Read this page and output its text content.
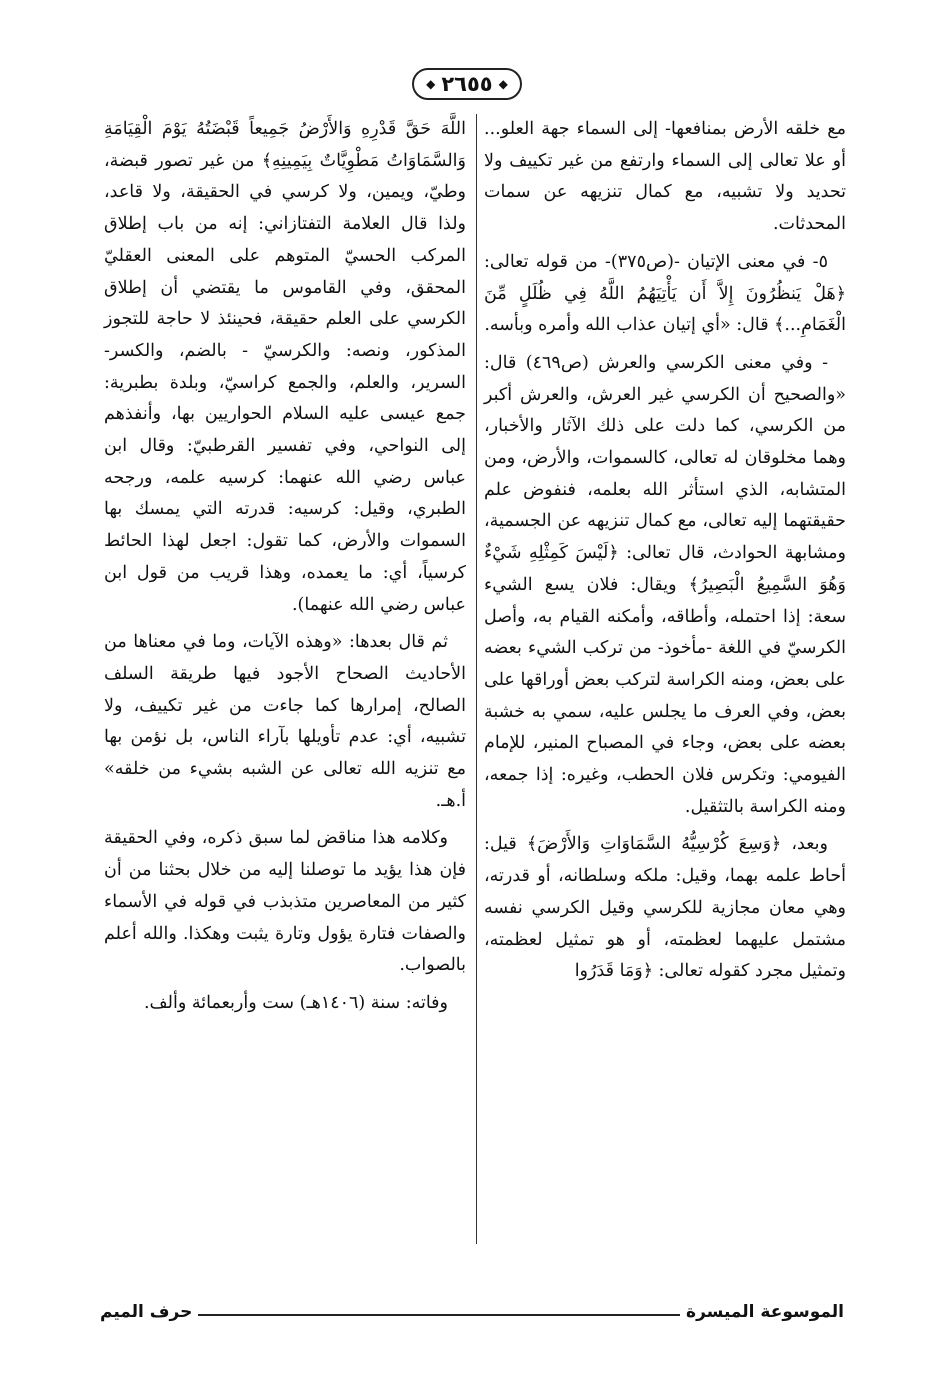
◆
٢٦٥٥
◆

مع خلقه الأرض بمنافعها- إلى السماء جهة العلو... أو علا تعالى إلى السماء وارتفع من غير تكييف ولا تحديد ولا تشبيه، مع كمال تنزيهه عن سمات المحدثات.

٥- في معنى الإتيان -(ص٣٧٥)- من قوله تعالى: ﴿هَلْ يَنظُرُونَ إِلاَّ أَن يَأْتِيَهُمُ اللَّهُ فِي ظُلَلٍ مِّنَ الْغَمَامِ...﴾ قال: «أي إتيان عذاب الله وأمره وبأسه.

- وفي معنى الكرسي والعرش (ص٤٦٩) قال: «والصحيح أن الكرسي غير العرش، والعرش أكبر من الكرسي، كما دلت على ذلك الآثار والأخبار، وهما مخلوقان له تعالى، كالسموات، والأرض، ومن المتشابه، الذي استأثر الله بعلمه، فنفوض علم حقيقتهما إليه تعالى، مع كمال تنزيهه عن الجسمية، ومشابهة الحوادث، قال تعالى: ﴿لَيْسَ كَمِثْلِهِ شَيْءٌ وَهُوَ السَّمِيعُ الْبَصِيرُ﴾ ويقال: فلان يسع الشيء سعة: إذا احتمله، وأطاقه، وأمكنه القيام به، وأصل الكرسيّ في اللغة -مأخوذ- من تركب الشيء بعضه على بعض، ومنه الكراسة لتركب بعض أوراقها على بعض، وفي العرف ما يجلس عليه، سمي به خشبة بعضه على بعض، وجاء في المصباح المنير، للإمام الفيومي: وتكرس فلان الحطب، وغيره: إذا جمعه، ومنه الكراسة بالتثقيل.

وبعد، ﴿وَسِعَ كُرْسِيُّهُ السَّمَاوَاتِ وَالأَرْضَ﴾ قيل: أحاط علمه بهما، وقيل: ملكه وسلطانه، أو قدرته، وهي معان مجازية للكرسي وقيل الكرسي نفسه مشتمل عليهما لعظمته، أو هو تمثيل لعظمته، وتمثيل مجرد كقوله تعالى: ﴿وَمَا قَدَرُوا

اللَّهَ حَقَّ قَدْرِهِ وَالأَرْضُ جَمِيعاً قَبْضَتُهُ يَوْمَ الْقِيَامَةِ وَالسَّمَاوَاتُ مَطْوِيَّاتٌ بِيَمِينِهِ﴾ من غير تصور قبضة، وطيّ، ويمين، ولا كرسي في الحقيقة، ولا قاعد، ولذا قال العلامة التفتازاني: إنه من باب إطلاق المركب الحسيّ المتوهم على المعنى العقليّ المحقق، وفي القاموس ما يقتضي أن إطلاق الكرسي على العلم حقيقة، فحينئذ لا حاجة للتجوز المذكور، ونصه: والكرسيّ - بالضم، والكسر- السرير، والعلم، والجمع كراسيّ، وبلدة بطبرية: جمع عيسى عليه السلام الحواريين بها، وأنفذهم إلى النواحي، وفي تفسير القرطبيّ: وقال ابن عباس رضي الله عنهما: كرسيه علمه، ورجحه الطبري، وقيل: كرسيه: قدرته التي يمسك بها السموات والأرض، كما تقول: اجعل لهذا الحائط كرسياً، أي: ما يعمده، وهذا قريب من قول ابن عباس رضي الله عنهما).

ثم قال بعدها: «وهذه الآيات، وما في معناها من الأحاديث الصحاح الأجود فيها طريقة السلف الصالح، إمرارها كما جاءت من غير تكييف، ولا تشبيه، أي: عدم تأويلها بآراء الناس، بل نؤمن بها مع تنزيه الله تعالى عن الشبه بشيء من خلقه» أ.هـ.

وكلامه هذا مناقض لما سبق ذكره، وفي الحقيقة فإن هذا يؤيد ما توصلنا إليه من خلال بحثنا من أن كثير من المعاصرين متذبذب في قوله في الأسماء والصفات فتارة يؤول وتارة يثبت وهكذا. والله أعلم بالصواب.

وفاته: سنة (١٤٠٦هـ) ست وأربعمائة وألف.

الموسوعة الميسرة
حرف الميم
